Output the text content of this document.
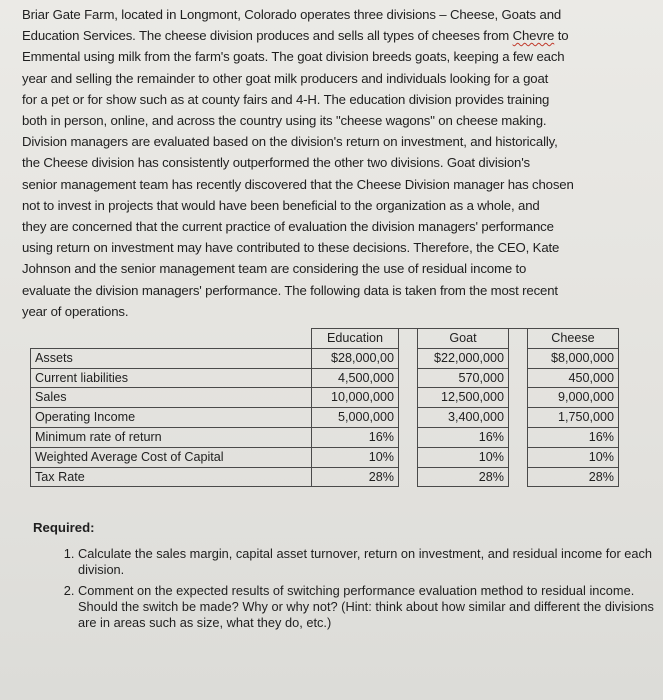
Briar Gate Farm, located in Longmont, Colorado operates three divisions – Cheese, Goats and
Education Services. The cheese division produces and sells all types of cheeses from Chevre to
Emmental using milk from the farm's goats. The goat division breeds goats, keeping a few each
year and selling the remainder to other goat milk producers and individuals looking for a goat
for a pet or for show such as at county fairs and 4-H. The education division provides training
both in person, online, and across the country using its "cheese wagons" on cheese making.
Division managers are evaluated based on the division's return on investment, and historically,
the Cheese division has consistently outperformed the other two divisions. Goat division's
senior management team has recently discovered that the Cheese Division manager has chosen
not to invest in projects that would have been beneficial to the organization as a whole, and
they are concerned that the current practice of evaluation the division managers' performance
using return on investment may have contributed to these decisions. Therefore, the CEO, Kate
Johnson and the senior management team are considering the use of residual income to
evaluate the division managers' performance. The following data is taken from the most recent
year of operations.
	Education		Goat		Cheese
Assets	$28,000,00		$22,000,000		$8,000,000
Current liabilities	4,500,000		570,000		450,000
Sales	10,000,000		12,500,000		9,000,000
Operating Income	5,000,000		3,400,000		1,750,000
Minimum rate of return	16%		16%		16%
Weighted Average Cost of Capital	10%		10%		10%
Tax Rate	28%		28%		28%
Required:
1. Calculate the sales margin, capital asset turnover, return on investment, and residual income for each division.
2. Comment on the expected results of switching performance evaluation method to residual income. Should the switch be made? Why or why not? (Hint: think about how similar and different the divisions are in areas such as size, what they do, etc.)
